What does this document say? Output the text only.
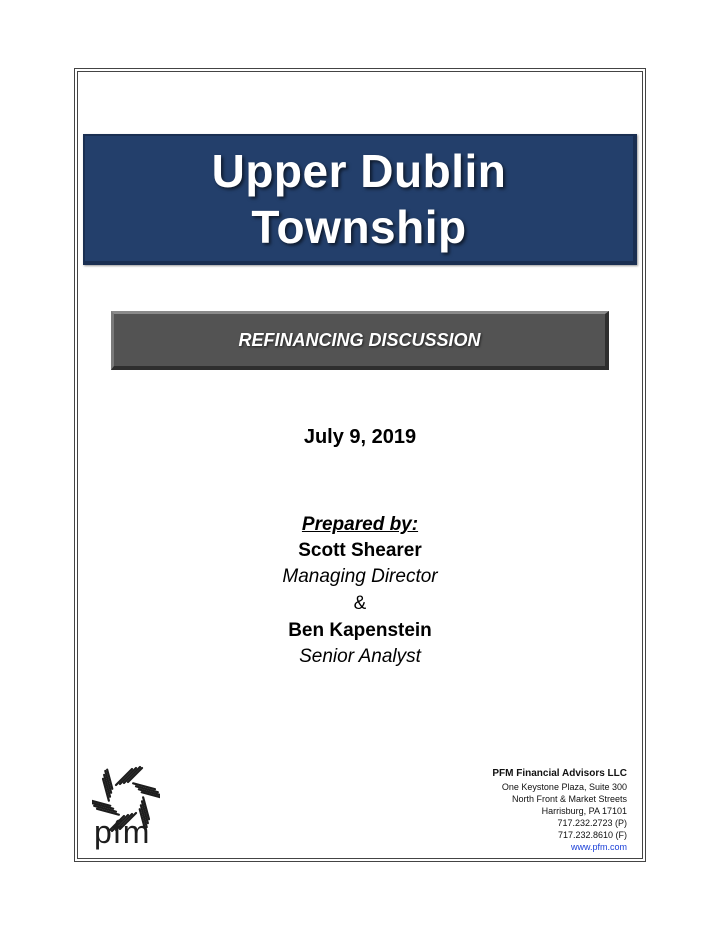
Upper Dublin
Township
REFINANCING DISCUSSION
July 9, 2019
Prepared by:
Scott Shearer
Managing Director
&
Ben Kapenstein
Senior Analyst
pfm
PFM Financial Advisors LLC
One Keystone Plaza, Suite 300
North Front & Market Streets
Harrisburg, PA 17101
717.232.2723 (P)
717.232.8610 (F)
www.pfm.com
